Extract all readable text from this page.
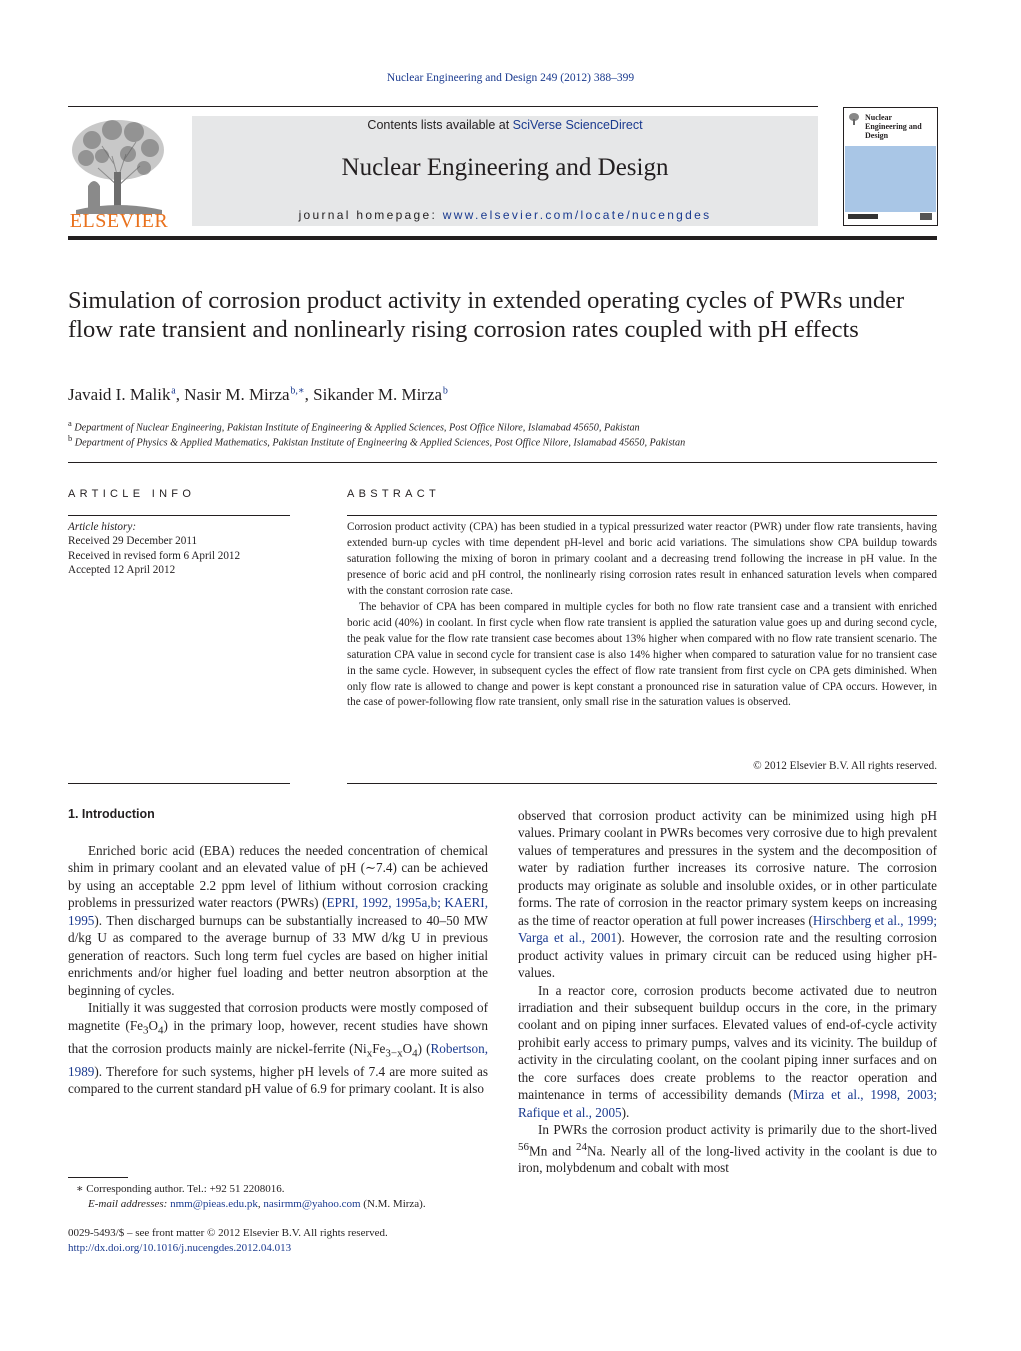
Nuclear Engineering and Design 249 (2012) 388–399
ELSEVIER
Contents lists available at SciVerse ScienceDirect
Nuclear Engineering and Design
journal homepage: www.elsevier.com/locate/nucengdes
Nuclear Engineering and Design
Simulation of corrosion product activity in extended operating cycles of PWRs under flow rate transient and nonlinearly rising corrosion rates coupled with pH effects
Javaid I. Malik $^a$, Nasir M. Mirza $^{b,∗}$, Sikander M. Mirza $^b$
$^a$ Department of Nuclear Engineering, Pakistan Institute of Engineering & Applied Sciences, Post Office Nilore, Islamabad 45650, Pakistan
$^b$ Department of Physics & Applied Mathematics, Pakistan Institute of Engineering & Applied Sciences, Post Office Nilore, Islamabad 45650, Pakistan
ARTICLE INFO
Article history:
Received 29 December 2011
Received in revised form 6 April 2012
Accepted 12 April 2012
ABSTRACT

Corrosion product activity (CPA) has been studied in a typical pressurized water reactor (PWR) under flow rate transients, having extended burn-up cycles with time dependent pH-level and boric acid variations. The simulations show CPA buildup towards saturation following the mixing of boron in primary coolant and a decreasing trend following the increase in pH value. In the presence of boric acid and pH control, the nonlinearly rising corrosion rates result in enhanced saturation levels when compared with the constant corrosion rate case.

The behavior of CPA has been compared in multiple cycles for both no flow rate transient case and a transient with enriched boric acid (40%) in coolant. In first cycle when flow rate transient is applied the saturation value goes up and during second cycle, the peak value for the flow rate transient case becomes about 13% higher when compared with no flow rate transient scenario. The saturation CPA value in second cycle for transient case is also 14% higher when compared to saturation value for no transient case in the same cycle. However, in subsequent cycles the effect of flow rate transient from first cycle on CPA gets diminished. When only flow rate is allowed to change and power is kept constant a pronounced rise in saturation value of CPA occurs. However, in the case of power-following flow rate transient, only small rise in the saturation values is observed.

© 2012 Elsevier B.V. All rights reserved.
1. Introduction

Enriched boric acid (EBA) reduces the needed concentration of chemical shim in primary coolant and an elevated value of pH (∼7.4) can be achieved by using an acceptable 2.2 ppm level of lithium without corrosion cracking problems in pressurized water reactors (PWRs) (EPRI, 1992, 1995a,b; KAERI, 1995). Then discharged burnups can be substantially increased to 40–50 MW d/kg U as compared to the average burnup of 33 MW d/kg U in previous generation of reactors. Such long term fuel cycles are based on higher initial enrichments and/or higher fuel loading and better neutron absorption at the beginning of cycles.

Initially it was suggested that corrosion products were mostly composed of magnetite $(Fe_3O_4)$ in the primary loop, however, recent studies have shown that the corrosion products mainly are nickel-ferrite $(Ni_xFe_{3-x}O_4)$ (Robertson, 1989). Therefore for such systems, higher pH levels of 7.4 are more suited as compared to the current standard pH value of 6.9 for primary coolant. It is also

observed that corrosion product activity can be minimized using high pH values. Primary coolant in PWRs becomes very corrosive due to high prevalent values of temperatures and pressures in the system and the decomposition of water by radiation further increases its corrosive nature. The corrosion products may originate as soluble and insoluble oxides, or in other particulate forms. The rate of corrosion in the reactor primary system keeps on increasing as the time of reactor operation at full power increases (Hirschberg et al., 1999; Varga et al., 2001). However, the corrosion rate and the resulting corrosion product activity values in primary circuit can be reduced using higher pH-values.

In a reactor core, corrosion products become activated due to neutron irradiation and their subsequent buildup occurs in the core, in the primary coolant and on piping inner surfaces. Elevated values of end-of-cycle activity prohibit early access to primary pumps, valves and its vicinity. The buildup of activity in the circulating coolant, on the coolant piping inner surfaces and on the core surfaces does create problems to the reactor operation and maintenance in terms of accessibility demands (Mirza et al., 1998, 2003; Rafique et al., 2005).

In PWRs the corrosion product activity is primarily due to the short-lived $^{56}$Mn and $^{24}$Na. Nearly all of the long-lived activity in the coolant is due to iron, molybdenum and cobalt with most

∗ Corresponding author. Tel.: +92 51 2208016.
E-mail addresses: nmm@pieas.edu.pk, nasirmm@yahoo.com (N.M. Mirza).
0029-5493/$ – see front matter © 2012 Elsevier B.V. All rights reserved.
http://dx.doi.org/10.1016/j.nucengdes.2012.04.013
